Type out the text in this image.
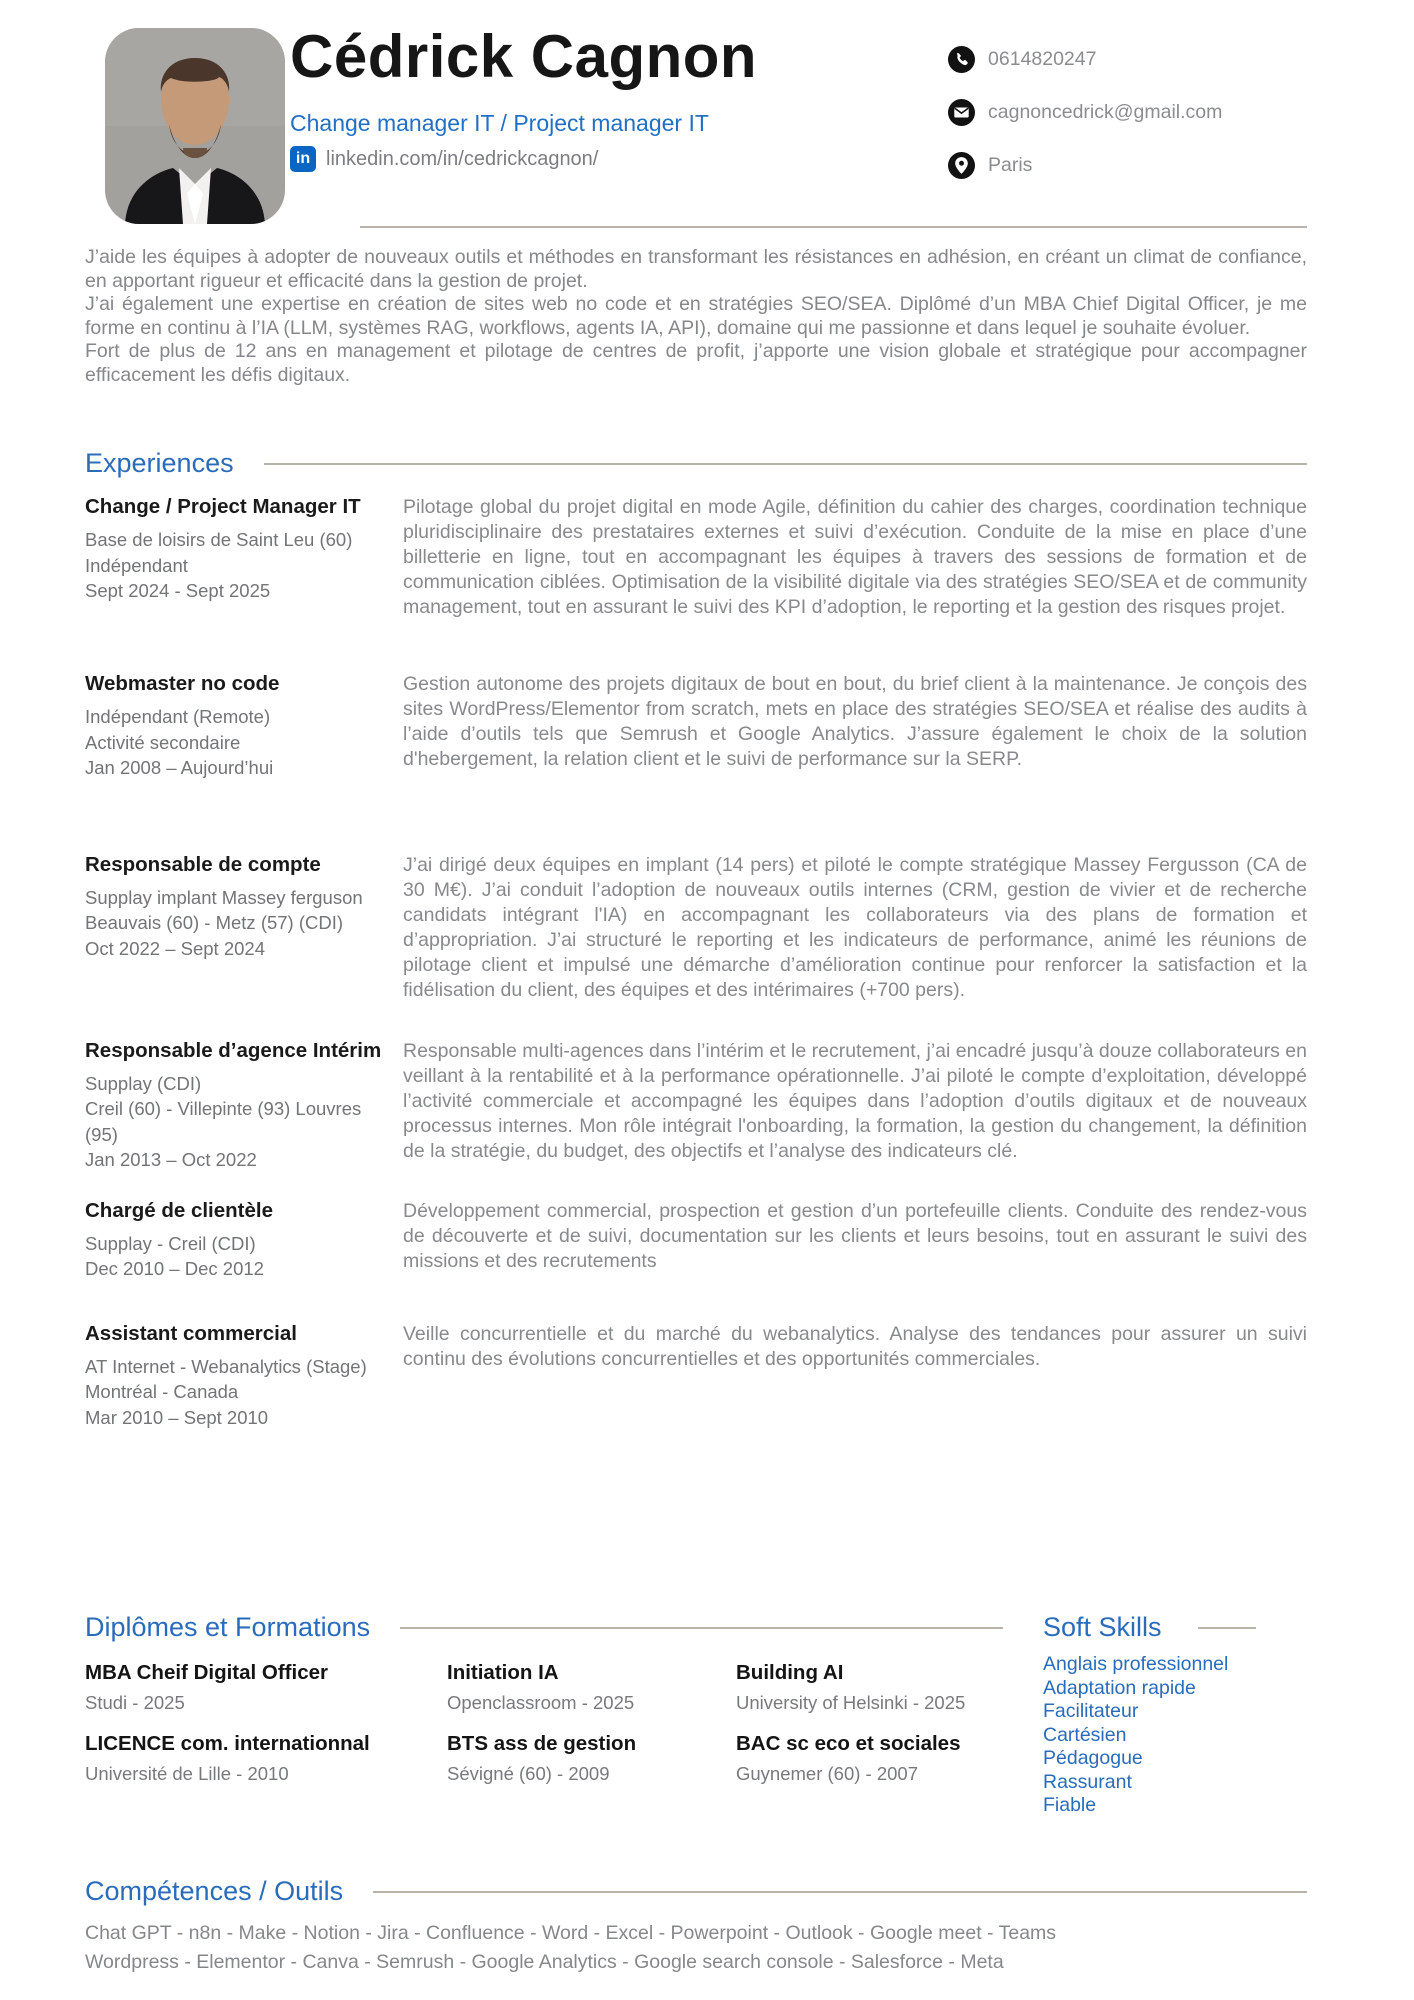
Cédrick Cagnon
Change manager IT / Project manager IT
in linkedin.com/in/cedrickcagnon/
0614820247
cagnoncedrick@gmail.com
Paris

J’aide les équipes à adopter de nouveaux outils et méthodes en transformant les résistances en adhésion, en créant un climat de confiance, en apportant rigueur et efficacité dans la gestion de projet.

J’ai également une expertise en création de sites web no code et en stratégies SEO/SEA. Diplômé d’un MBA Chief Digital Officer, je me forme en continu à l’IA (LLM, systèmes RAG, workflows, agents IA, API), domaine qui me passionne et dans lequel je souhaite évoluer.

Fort de plus de 12 ans en management et pilotage de centres de profit, j’apporte une vision globale et stratégique pour accompagner efficacement les défis digitaux.

Experiences
Change / Project Manager IT
Base de loisirs de Saint Leu (60)
Indépendant
Sept 2024 - Sept 2025
Pilotage global du projet digital en mode Agile, définition du cahier des charges, coordination technique pluridisciplinaire des prestataires externes et suivi d’exécution. Conduite de la mise en place d’une billetterie en ligne, tout en accompagnant les équipes à travers des sessions de formation et de communication ciblées. Optimisation de la visibilité digitale via des stratégies SEO/SEA et de community management, tout en assurant le suivi des KPI d’adoption, le reporting et la gestion des risques projet.
Webmaster no code
Indépendant (Remote)
Activité secondaire
Jan 2008 – Aujourd’hui
Gestion autonome des projets digitaux de bout en bout, du brief client à la maintenance. Je conçois des sites WordPress/Elementor from scratch, mets en place des stratégies SEO/SEA et réalise des audits à l’aide d’outils tels que Semrush et Google Analytics. J’assure également le choix de la solution d'hebergement, la relation client et le suivi de performance sur la SERP.
Responsable de compte
Supplay implant Massey ferguson
Beauvais (60) - Metz (57) (CDI)
Oct 2022 – Sept 2024
J’ai dirigé deux équipes en implant (14 pers) et piloté le compte stratégique Massey Fergusson (CA de 30 M€). J’ai conduit l’adoption de nouveaux outils internes (CRM, gestion de vivier et de recherche candidats intégrant l'IA) en accompagnant les collaborateurs via des plans de formation et d’appropriation. J’ai structuré le reporting et les indicateurs de performance, animé les réunions de pilotage client et impulsé une démarche d’amélioration continue pour renforcer la satisfaction et la fidélisation du client, des équipes et des intérimaires (+700 pers).
Responsable d’agence Intérim
Supplay (CDI)
Creil (60) - Villepinte (93) Louvres (95)
Jan 2013 – Oct 2022
Responsable multi-agences dans l’intérim et le recrutement, j’ai encadré jusqu’à douze collaborateurs en veillant à la rentabilité et à la performance opérationnelle. J’ai piloté le compte d’exploitation, développé l’activité commerciale et accompagné les équipes dans l’adoption d’outils digitaux et de nouveaux processus internes. Mon rôle intégrait l'onboarding, la formation, la gestion du changement, la définition de la stratégie, du budget, des objectifs et l’analyse des indicateurs clé.
Chargé de clientèle
Supplay - Creil (CDI)
Dec 2010 – Dec 2012
Développement commercial, prospection et gestion d’un portefeuille clients. Conduite des rendez-vous de découverte et de suivi, documentation sur les clients et leurs besoins, tout en assurant le suivi des missions et des recrutements
Assistant commercial
AT Internet - Webanalytics (Stage)
Montréal - Canada
Mar 2010 – Sept 2010
Veille concurrentielle et du marché du webanalytics. Analyse des tendances pour assurer un suivi continu des évolutions concurrentielles et des opportunités commerciales.
Diplômes et Formations
MBA Cheif Digital Officer
Studi - 2025
Initiation IA
Openclassroom - 2025
Building AI
University of Helsinki - 2025
LICENCE com. internationnal
Université de Lille - 2010
BTS ass de gestion
Sévigné (60) - 2009
BAC sc eco et sociales
Guynemer (60) - 2007
Soft Skills
Anglais professionnel
Adaptation rapide
Facilitateur
Cartésien
Pédagogue
Rassurant
Fiable
Compétences / Outils
Chat GPT - n8n - Make - Notion - Jira - Confluence - Word - Excel - Powerpoint - Outlook - Google meet - Teams
Wordpress - Elementor - Canva - Semrush - Google Analytics - Google search console - Salesforce - Meta
